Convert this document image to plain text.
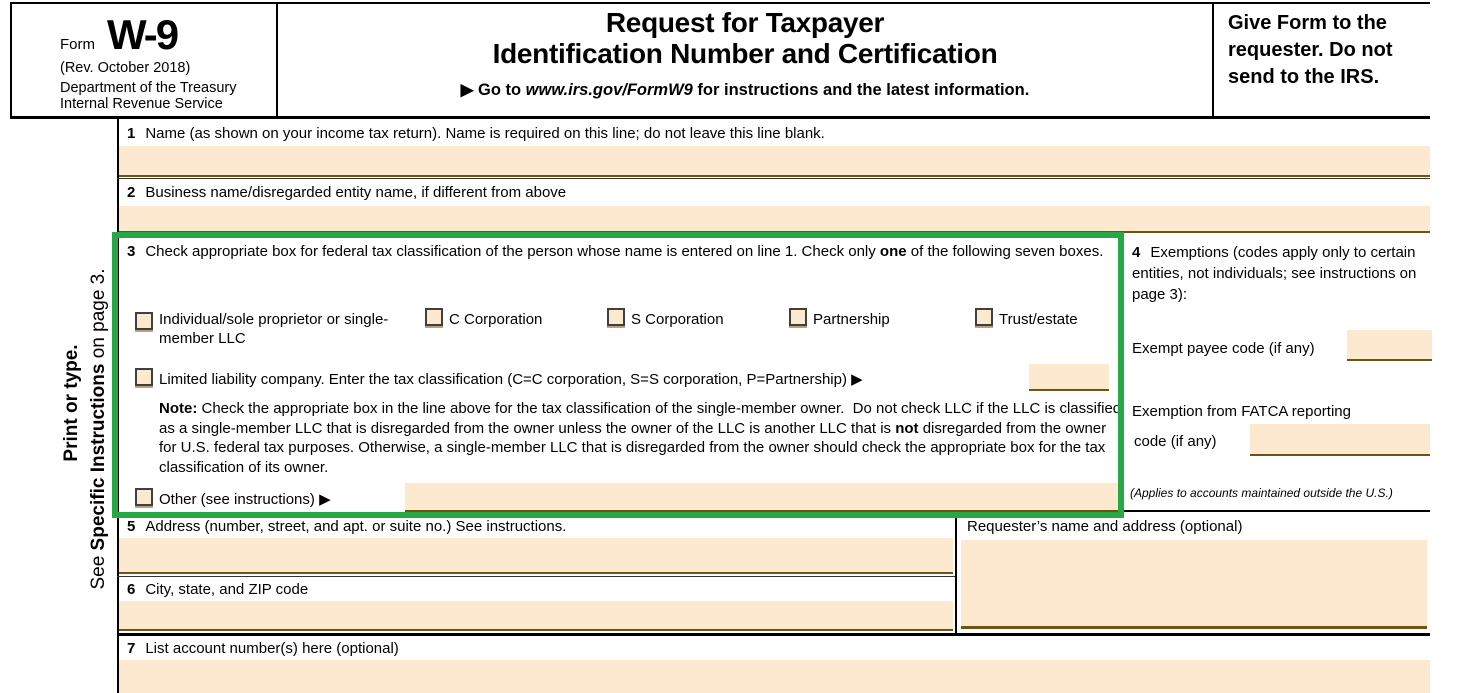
Form W-9
(Rev. October 2018)
Department of the Treasury
Internal Revenue Service
Request for Taxpayer
Identification Number and Certification
▶ Go to www.irs.gov/FormW9 for instructions and the latest information.
Give Form to the requester. Do not send to the IRS.
Print or type.
See Specific Instructions on page 3.
1 Name (as shown on your income tax return). Name is required on this line; do not leave this line blank.
2 Business name/disregarded entity name, if different from above
3 Check appropriate box for federal tax classification of the person whose name is entered on line 1. Check only one of the following seven boxes.
Individual/sole proprietor or single-member LLC
C Corporation	S Corporation	Partnership	Trust/estate
Limited liability company. Enter the tax classification (C=C corporation, S=S corporation, P=Partnership) ▶
Note: Check the appropriate box in the line above for the tax classification of the single-member owner.  Do not check LLC if the LLC is classified as a single-member LLC that is disregarded from the owner unless the owner of the LLC is another LLC that is not disregarded from the owner for U.S. federal tax purposes. Otherwise, a single-member LLC that is disregarded from the owner should check the appropriate box for the tax classification of its owner.
Other (see instructions) ▶
4 Exemptions (codes apply only to certain entities, not individuals; see instructions on page 3):
Exempt payee code (if any)
Exemption from FATCA reporting
code (if any)
(Applies to accounts maintained outside the U.S.)
5 Address (number, street, and apt. or suite no.) See instructions.
6 City, state, and ZIP code
Requester’s name and address (optional)
7 List account number(s) here (optional)
